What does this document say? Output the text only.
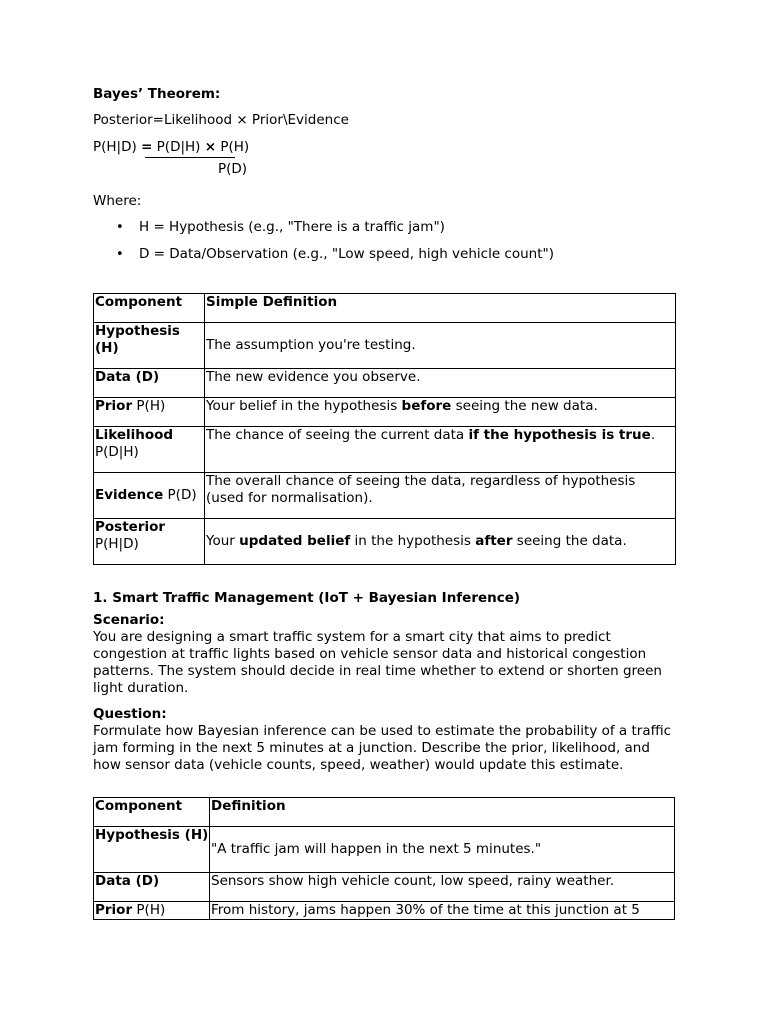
Bayes’ Theorem:
Posterior=Likelihood × Prior\Evidence
P(H|D) = P(D|H) × P(H)
P(D)
Where:
• H = Hypothesis (e.g., "There is a traffic jam")
• D = Data/Observation (e.g., "Low speed, high vehicle count")
Component	Simple Definition
Hypothesis (H)	The assumption you're testing.
Data (D)	The new evidence you observe.
Prior P(H)	Your belief in the hypothesis before seeing the new data.
Likelihood
P(D|H)	The chance of seeing the current data if the hypothesis is true.
Evidence P(D)	The overall chance of seeing the data, regardless of hypothesis (used for normalisation).
Posterior
P(H|D)	Your updated belief in the hypothesis after seeing the data.
1. Smart Traffic Management (IoT + Bayesian Inference)
Scenario:
You are designing a smart traffic system for a smart city that aims to predict congestion at traffic lights based on vehicle sensor data and historical congestion patterns. The system should decide in real time whether to extend or shorten green light duration.
Question:
Formulate how Bayesian inference can be used to estimate the probability of a traffic jam forming in the next 5 minutes at a junction. Describe the prior, likelihood, and how sensor data (vehicle counts, speed, weather) would update this estimate.
Component	Definition
Hypothesis (H)	"A traffic jam will happen in the next 5 minutes."
Data (D)	Sensors show high vehicle count, low speed, rainy weather.
Prior P(H)	From history, jams happen 30% of the time at this junction at 5
